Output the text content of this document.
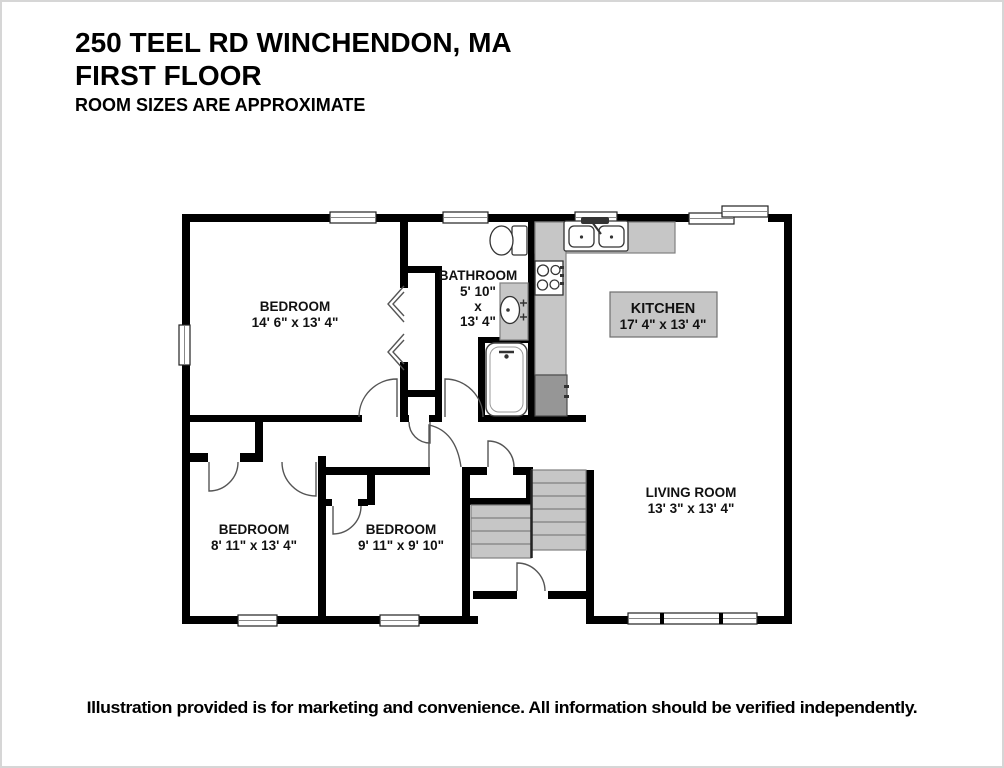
250 TEEL RD WINCHENDON, MA
FIRST FLOOR
ROOM SIZES ARE APPROXIMATE
BEDROOM
14' 6" x 13' 4"
BATHROOM
5' 10"
x
13' 4"
KITCHEN
17' 4" x 13' 4"
LIVING ROOM
13' 3" x 13' 4"
BEDROOM
8' 11" x 13' 4"
BEDROOM
9' 11" x 9' 10"
Illustration provided is for marketing and convenience. All information should be verified independently.
